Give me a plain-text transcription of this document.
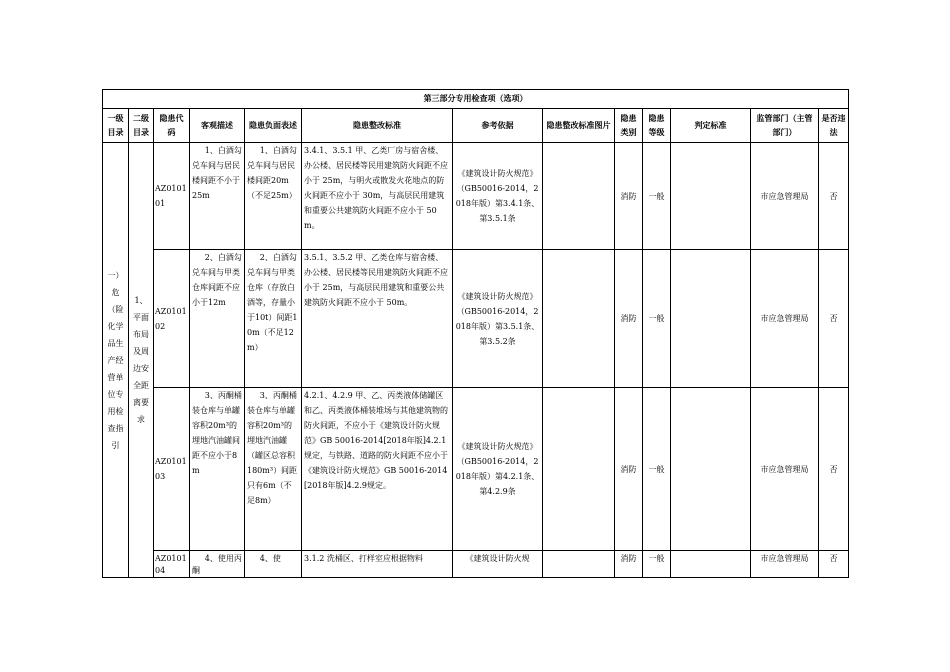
第三部分专用检查项（选项）												
一级目录	二级目录	隐患代码	客观描述	隐患负面表述	隐患整改标准	参考依据	隐患整改标准图片	隐患类别	隐患等级	判定标准	监管部门（主管部门）	是否违法
一）危（险化学品生产经营单位专用检查指引	1、平面布局及周边安全距离要求	AZ010101	1、白酒勾兑车间与居民楼间距不小于25m	1、白酒勾兑车间与居民楼间距20m（不足25m）	3.4.1、3.5.1 甲、乙类厂房与宿舍楼、办公楼、居民楼等民用建筑防火间距不应小于 25m，与明火或散发火花地点的防火间距不应小于 30m，与高层民用建筑和重要公共建筑防火间距不应小于 50m。	《建筑设计防火规范》（GB50016-2014，2018年版）第3.4.1条、第3.5.1条		消防	一般		市应急管理局	否
		AZ010102	2、白酒勾兑车间与甲类仓库间距不应小于12m	2、白酒勾兑车间与甲类仓库（存放白酒等，存量小于10t）间距10m（不足12m）	3.5.1、3.5.2 甲、乙类仓库与宿舍楼、办公楼、居民楼等民用建筑防火间距不应小于 25m，与高层民用建筑和重要公共建筑防火间距不应小于 50m。	《建筑设计防火规范》（GB50016-2014，2018年版）第3.5.1条、第3.5.2条		消防	一般		市应急管理局	否
		AZ010103	3、丙酮桶装仓库与单罐容积20m³的埋地汽油罐间距不应小于8m	3、丙酮桶装仓库与单罐容积20m³的埋地汽油罐（罐区总容积180m³）间距只有6m（不足8m）	4.2.1、4.2.9 甲、乙、丙类液体储罐区和乙、丙类液体桶装堆场与其他建筑物的防火间距，不应小于《建筑设计防火规范》GB 50016-2014[2018年版]4.2.1规定，与铁路、道路的防火间距不应小于《建筑设计防火规范》GB 50016-2014[2018年版]4.2.9规定。	《建筑设计防火规范》（GB50016-2014，2018年版）第4.2.1条、第4.2.9条		消防	一般		市应急管理局	否
		AZ010104	4、使用丙酮	4、使	3.1.2 洗桶区、打样室应根据物料	《建筑设计防火规		消防	一般		市应急管理局	否
